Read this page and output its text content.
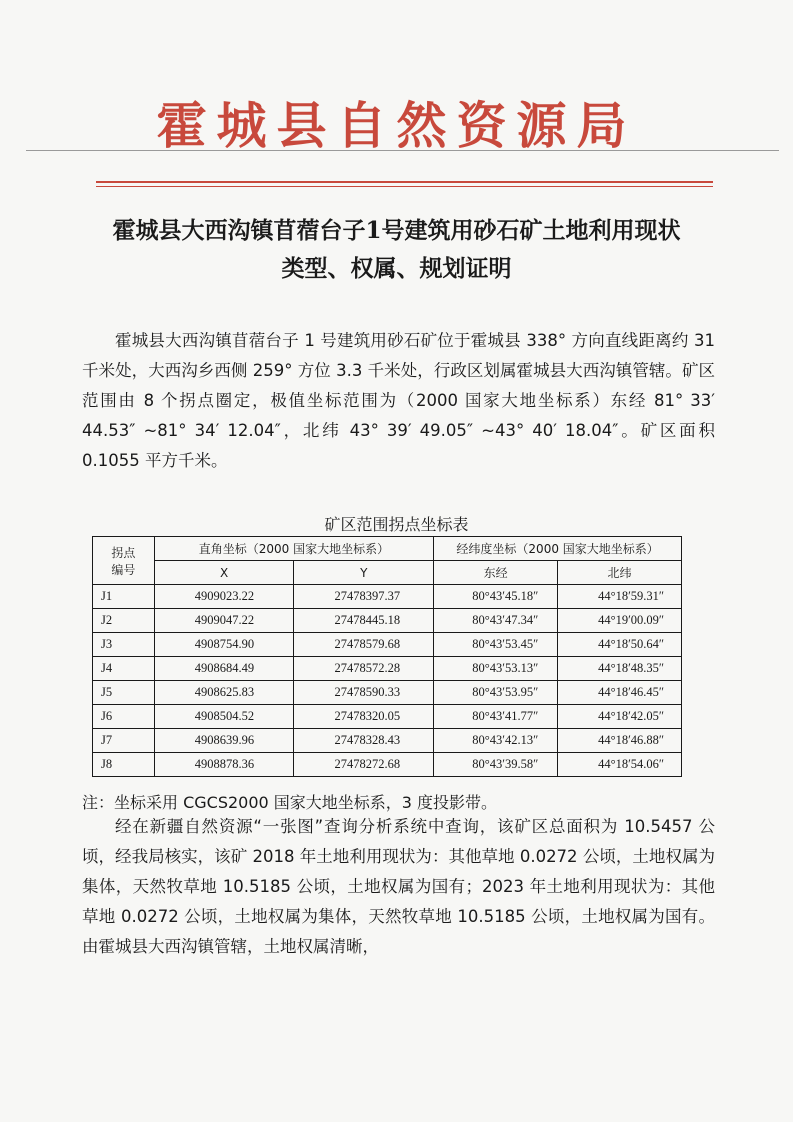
霍城县自然资源局
霍城县大西沟镇苜蓿台子1号建筑用砂石矿土地利用现状
类型、权属、规划证明

霍城县大西沟镇苜蓿台子 1 号建筑用砂石矿位于霍城县 338° 方向直线距离约 31 千米处，大西沟乡西侧 259° 方位 3.3 千米处，行政区划属霍城县大西沟镇管辖。矿区范围由 8 个拐点圈定，极值坐标范围为（2000 国家大地坐标系）东经 81° 33′ 44.53″ ~81° 34′ 12.04″，北纬 43° 39′ 49.05″ ~43° 40′ 18.04″。矿区面积 0.1055 平方千米。

矿区范围拐点坐标表
拐点
编号	直角坐标（2000 国家大地坐标系）		经纬度坐标（2000 国家大地坐标系）	
	X	Y	东经	北纬
J1	4909023.22	27478397.37	80°43′45.18″	44°18′59.31″
J2	4909047.22	27478445.18	80°43′47.34″	44°19′00.09″
J3	4908754.90	27478579.68	80°43′53.45″	44°18′50.64″
J4	4908684.49	27478572.28	80°43′53.13″	44°18′48.35″
J5	4908625.83	27478590.33	80°43′53.95″	44°18′46.45″
J6	4908504.52	27478320.05	80°43′41.77″	44°18′42.05″
J7	4908639.96	27478328.43	80°43′42.13″	44°18′46.88″
J8	4908878.36	27478272.68	80°43′39.58″	44°18′54.06″
注：坐标采用 CGCS2000 国家大地坐标系，3 度投影带。

经在新疆自然资源“一张图”查询分析系统中查询，该矿区总面积为 10.5457 公顷，经我局核实，该矿 2018 年土地利用现状为：其他草地 0.0272 公顷，土地权属为集体，天然牧草地 10.5185 公顷，土地权属为国有；2023 年土地利用现状为：其他草地 0.0272 公顷，土地权属为集体，天然牧草地 10.5185 公顷，土地权属为国有。由霍城县大西沟镇管辖，土地权属清晰，
